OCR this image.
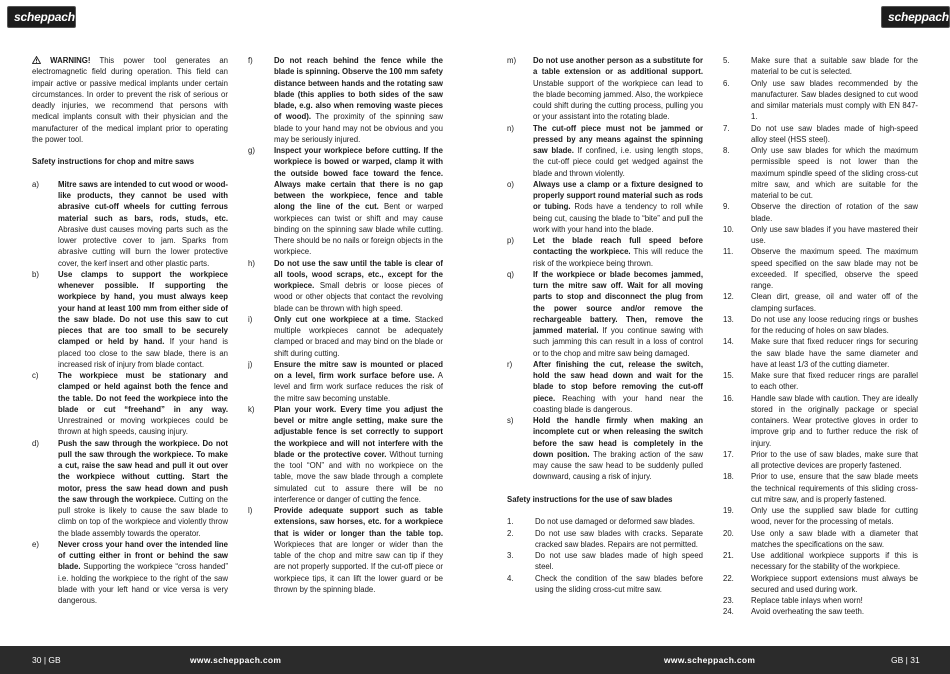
scheppach	scheppach

WARNING! This power tool generates an electromagnetic field during operation. This field can impair active or passive medical implants under certain circumstances. In order to prevent the risk of serious or deadly injuries, we recommend that persons with medical implants consult with their physician and the manufacturer of the medical implant prior to operating the power tool.

Safety instructions for chop and mitre saws

a) Mitre saws are intended to cut wood or wood-like products, they cannot be used with abrasive cut-off wheels for cutting ferrous material such as bars, rods, studs, etc. Abrasive dust causes moving parts such as the lower protective cover to jam. Sparks from abrasive cutting will burn the lower protective cover, the kerf insert and other plastic parts.

b) Use clamps to support the workpiece whenever possible. If supporting the workpiece by hand, you must always keep your hand at least 100 mm from either side of the saw blade. Do not use this saw to cut pieces that are too small to be securely clamped or held by hand. If your hand is placed too close to the saw blade, there is an increased risk of injury from blade contact.

c)	The workpiece must be stationary and clamped or held against both the fence and the table. Do not feed the workpiece into the blade or cut “freehand” in any way. Unrestrained or moving workpieces could be thrown at high speeds, causing injury.

d) Push the saw through the workpiece. Do not pull the saw through the workpiece. To make a cut, raise the saw head and pull it out over the workpiece without cutting. Start the motor, press the saw head down and push the saw through the workpiece. Cutting on the pull stroke is likely to cause the saw blade to climb on top of the workpiece and violently throw the blade assembly towards the operator.

e) Never cross your hand over the intended line of cutting either in front or behind the saw blade. Supporting the workpiece “cross handed” i.e. holding the workpiece to the right of the saw blade with your left hand or vice versa is very dangerous.

f)	Do not reach behind the fence while the blade is spinning. Observe the 100 mm safety distance between hands and the rotating saw blade (this applies to both sides of the saw blade, e.g. also when removing waste pieces of wood). The proximity of the spinning saw blade to your hand may not be obvious and you may be seriously injured.

g) Inspect your workpiece before cutting. If the workpiece is bowed or warped, clamp it with the outside bowed face toward the fence. Always make certain that there is no gap between the workpiece, fence and table along the line of the cut. Bent or warped workpieces can twist or shift and may cause binding on the spinning saw blade while cutting. There should be no nails or foreign objects in the workpiece.

h) Do not use the saw until the table is clear of all tools, wood scraps, etc., except for the workpiece. Small debris or loose pieces of wood or other objects that contact the revolving blade can be thrown with high speed.

i)	Only cut one workpiece at a time. Stacked multiple workpieces cannot be adequately clamped or braced and may bind on the blade or shift during cutting.

j)	Ensure the mitre saw is mounted or placed on a level, firm work surface before use. A level and firm work surface reduces the risk of the mitre saw becoming unstable.

k)	Plan your work. Every time you adjust the bevel or mitre angle setting, make sure the adjustable fence is set correctly to support the workpiece and will not interfere with the blade or the protective cover. Without turning the tool “ON” and with no workpiece on the table, move the saw blade through a complete simulated cut to assure there will be no interference or danger of cutting the fence.

l)	Provide adequate support such as table extensions, saw horses, etc. for a workpiece that is wider or longer than the table top. Workpieces that are longer or wider than the table of the chop and mitre saw can tip if they are not properly supported. If the cut-off piece or workpiece tips, it can lift the lower guard or be thrown by the spinning blade.

m) Do not use another person as a substitute for a table extension or as additional support. Unstable support of the workpiece can lead to the blade becoming jammed. Also, the workpiece could shift during the cutting process, pulling you or your assistant into the rotating blade.

n) The cut-off piece must not be jammed or pressed by any means against the spinning saw blade. If confined, i.e. using length stops, the cut-off piece could get wedged against the blade and thrown violently.

o) Always use a clamp or a fixture designed to properly support round material such as rods or tubing. Rods have a tendency to roll while being cut, causing the blade to “bite” and pull the work with your hand into the blade.

p) Let the blade reach full speed before contacting the workpiece. This will reduce the risk of the workpiece being thrown.

q) If the workpiece or blade becomes jammed, turn the mitre saw off. Wait for all moving parts to stop and disconnect the plug from the power source and/or remove the rechargeable battery. Then, remove the jammed material. If you continue sawing with such jamming this can result in a loss of control or to the chop and mitre saw being damaged.

r)	After finishing the cut, release the switch, hold the saw head down and wait for the blade to stop before removing the cut-off piece. Reaching with your hand near the coasting blade is dangerous.

s)	Hold the handle firmly when making an incomplete cut or when releasing the switch before the saw head is completely in the down position. The braking action of the saw may cause the saw head to be suddenly pulled downward, causing a risk of injury.

Safety instructions for the use of saw blades

1.	Do not use damaged or deformed saw blades.

2.	Do not use saw blades with cracks. Separate cracked saw blades. Repairs are not permitted.

3.	Do not use saw blades made of high speed steel.

4.	Check the condition of the saw blades before using the sliding cross-cut mitre saw.

5.	Make sure that a suitable saw blade for the material to be cut is selected.

6.	Only use saw blades recommended by the manufacturer. Saw blades designed to cut wood and similar materials must comply with EN 847-1.

7.	Do not use saw blades made of high-speed alloy steel (HSS steel).

8.	Only use saw blades for which the maximum permissible speed is not lower than the maximum spindle speed of the sliding cross-cut mitre saw, and which are suitable for the material to be cut.

9.	Observe the direction of rotation of the saw blade.

10. Only use saw blades if you have mastered their use.

11. Observe the maximum speed. The maximum speed specified on the saw blade may not be exceeded. If specified, observe the speed range.

12. Clean dirt, grease, oil and water off of the clamping surfaces.

13. Do not use any loose reducing rings or bushes for the reducing of holes on saw blades.

14. Make sure that fixed reducer rings for securing the saw blade have the same diameter and have at least 1/3 of the cutting diameter.

15. Make sure that fixed reducer rings are parallel to each other.

16. Handle saw blade with caution. They are ideally stored in the originally package or special containers. Wear protective gloves in order to improve grip and to further reduce the risk of injury.

17. Prior to the use of saw blades, make sure that all protective devices are properly fastened.

18. Prior to use, ensure that the saw blade meets the technical requirements of this sliding cross-cut mitre saw, and is properly fastened.

19. Only use the supplied saw blade for cutting wood, never for the processing of metals.

20. Use only a saw blade with a diameter that matches the specifications on the saw.

21. Use additional workpiece supports if this is necessary for the stability of the workpiece.

22. Workpiece support extensions must always be secured and used during work.

23. Replace table inlays when worn!

24. Avoid overheating the saw teeth.

30 | GB	www.scheppach.com	www.scheppach.com	GB | 31
